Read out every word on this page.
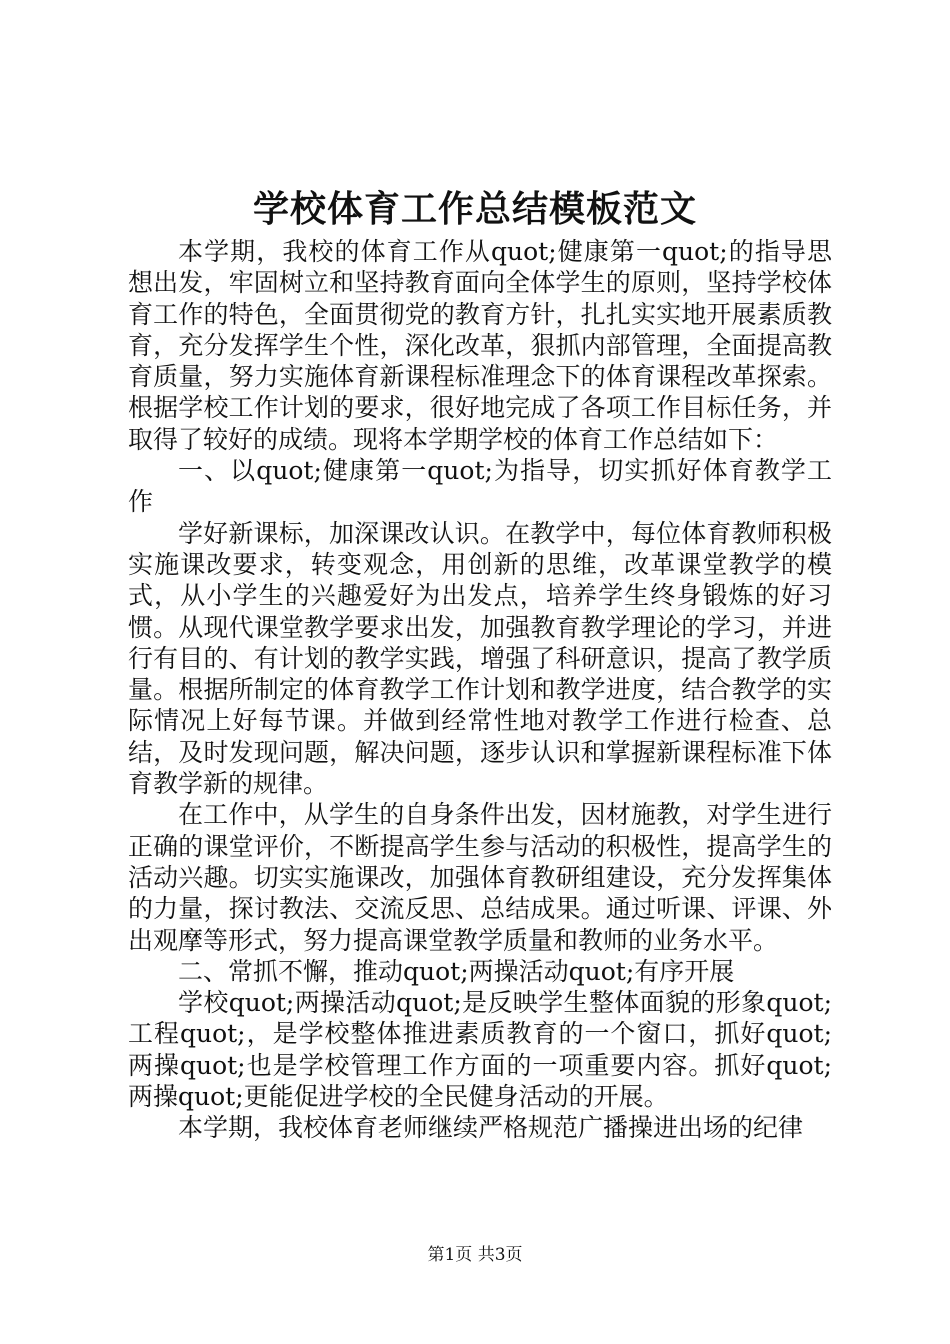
学校体育工作总结模板范文

本学期，我校的体育工作从quot;健康第一quot;的指导思想出发，牢固树立和坚持教育面向全体学生的原则，坚持学校体育工作的特色，全面贯彻党的教育方针，扎扎实实地开展素质教育，充分发挥学生个性，深化改革，狠抓内部管理，全面提高教育质量，努力实施体育新课程标准理念下的体育课程改革探索。根据学校工作计划的要求，很好地完成了各项工作目标任务，并取得了较好的成绩。现将本学期学校的体育工作总结如下：

一、以quot;健康第一quot;为指导，切实抓好体育教学工作

学好新课标，加深课改认识。在教学中，每位体育教师积极实施课改要求，转变观念，用创新的思维，改革课堂教学的模式，从小学生的兴趣爱好为出发点，培养学生终身锻炼的好习惯。从现代课堂教学要求出发，加强教育教学理论的学习，并进行有目的、有计划的教学实践，增强了科研意识，提高了教学质量。根据所制定的体育教学工作计划和教学进度，结合教学的实际情况上好每节课。并做到经常性地对教学工作进行检查、总结，及时发现问题，解决问题，逐步认识和掌握新课程标准下体育教学新的规律。

在工作中，从学生的自身条件出发，因材施教，对学生进行正确的课堂评价，不断提高学生参与活动的积极性，提高学生的活动兴趣。切实实施课改，加强体育教研组建设，充分发挥集体的力量，探讨教法、交流反思、总结成果。通过听课、评课、外出观摩等形式，努力提高课堂教学质量和教师的业务水平。

二、常抓不懈，推动quot;两操活动quot;有序开展

学校quot;两操活动quot;是反映学生整体面貌的形象quot;工程quot;，是学校整体推进素质教育的一个窗口，抓好quot;两操quot;也是学校管理工作方面的一项重要内容。抓好quot;两操quot;更能促进学校的全民健身活动的开展。

本学期，我校体育老师继续严格规范广播操进出场的纪律

第1页 共3页
